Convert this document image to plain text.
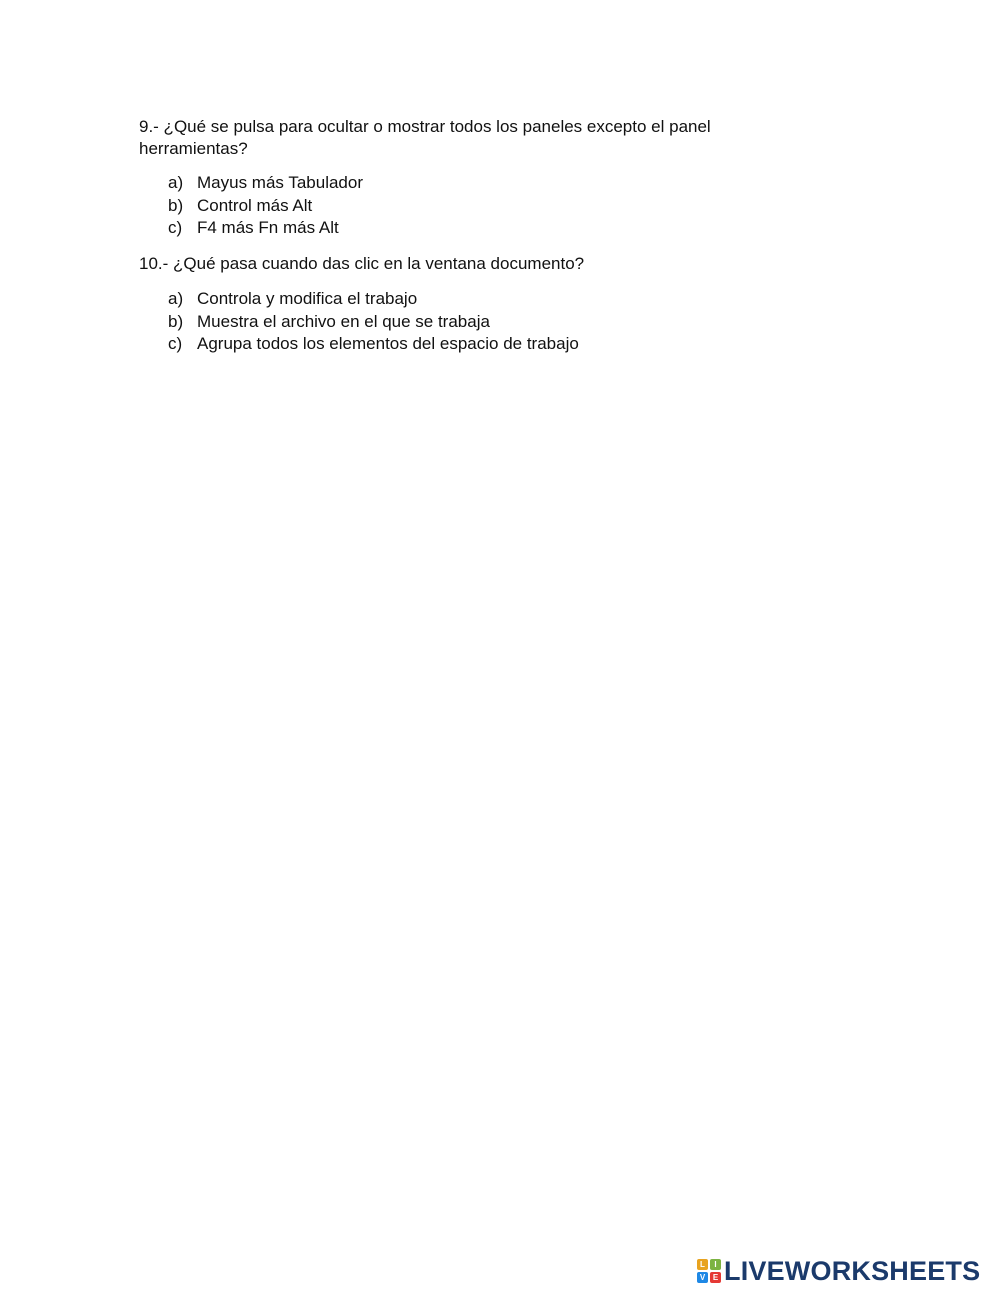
9.- ¿Qué se pulsa para ocultar o mostrar todos los paneles excepto el panel herramientas?
a) Mayus más Tabulador
b) Control más Alt
c) F4 más Fn más Alt
10.- ¿Qué pasa cuando das clic en la ventana documento?
a) Controla y modifica el trabajo
b) Muestra el archivo en el que se trabaja
c) Agrupa todos los elementos del espacio de trabajo
L	I
V E LIVEWORKSHEETS
